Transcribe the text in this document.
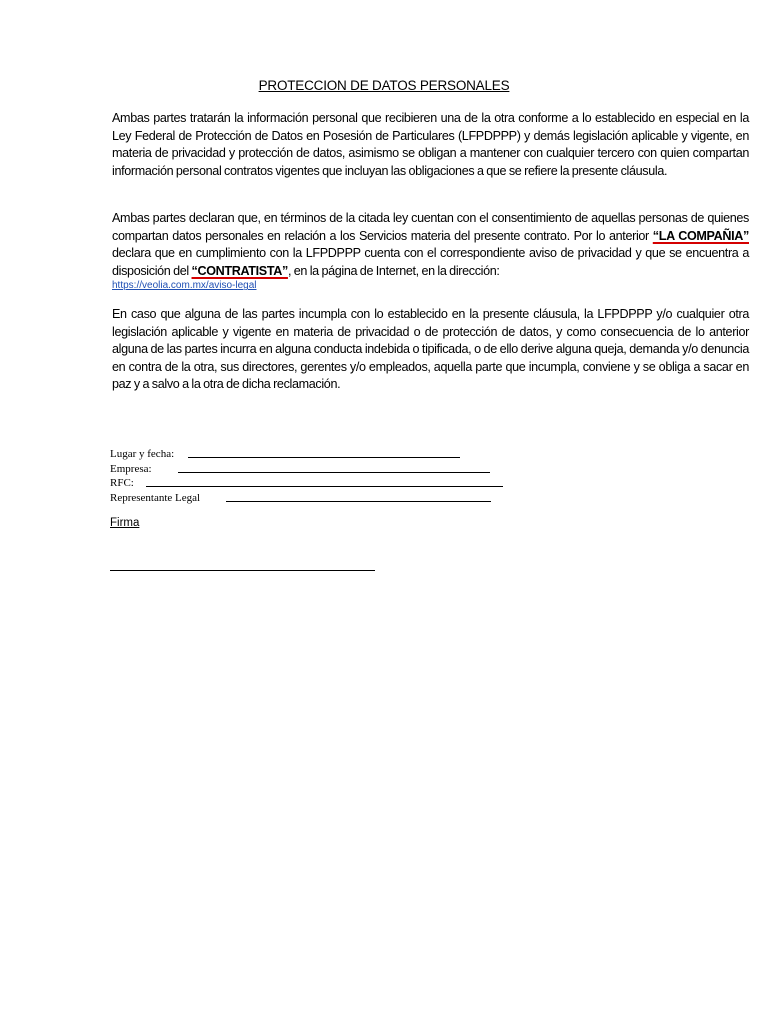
PROTECCION DE DATOS PERSONALES

Ambas partes tratarán la información personal que recibieren una de la otra conforme a lo establecido en especial en la Ley Federal de Protección de Datos en Posesión de Particulares (LFPDPPP) y demás legislación aplicable y vigente, en materia de privacidad y protección de datos, asimismo se obligan a mantener con cualquier tercero con quien compartan información personal contratos vigentes que incluyan las obligaciones a que se refiere la presente cláusula.

Ambas partes declaran que, en términos de la citada ley cuentan con el consentimiento de aquellas personas de quienes compartan datos personales en relación a los Servicios materia del presente contrato. Por lo anterior “LA COMPAÑIA” declara que en cumplimiento con la LFPDPPP cuenta con el correspondiente aviso de privacidad y que se encuentra a disposición del “CONTRATISTA”, en la página de Internet, en la dirección:
https://veolia.com.mx/aviso-legal

En caso que alguna de las partes incumpla con lo establecido en la presente cláusula, la LFPDPPP y/o cualquier otra legislación aplicable y vigente en materia de privacidad o de protección de datos, y como consecuencia de lo anterior alguna de las partes incurra en alguna conducta indebida o tipificada, o de ello derive alguna queja, demanda y/o denuncia en contra de la otra, sus directores, gerentes y/o empleados, aquella parte que incumpla, conviene y se obliga a sacar en paz y a salvo a la otra de dicha reclamación.

Lugar y fecha:
Empresa:
RFC:
Representante Legal
Firma
